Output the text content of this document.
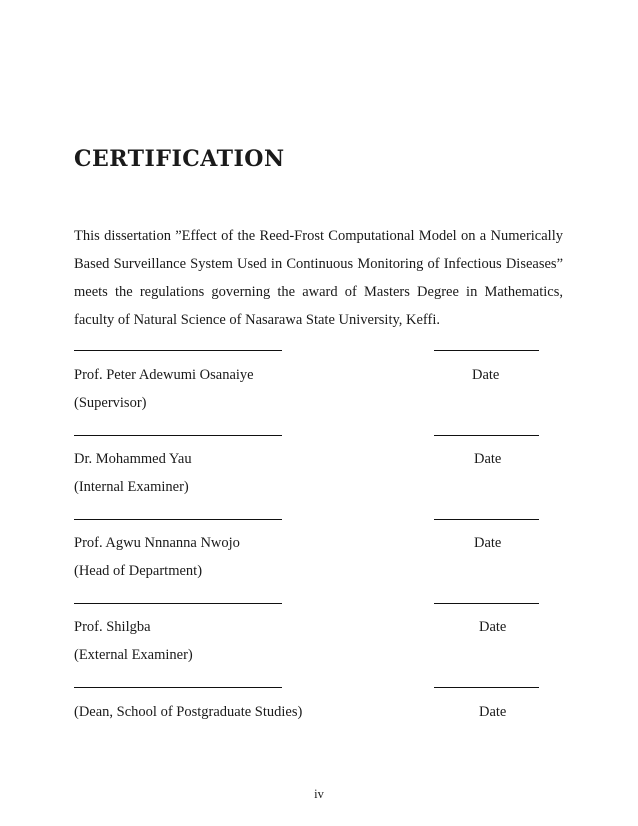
CERTIFICATION

This dissertation ”Effect of the Reed-Frost Computational Model on a Numerically Based Surveillance System Used in Continuous Monitoring of Infectious Diseases” meets the regulations governing the award of Masters Degree in Mathematics, faculty of Natural Science of Nasarawa State University, Keffi.

Prof. Peter Adewumi Osanaiye	Date
(Supervisor)
Dr. Mohammed Yau	Date
(Internal Examiner)
Prof. Agwu Nnnanna Nwojo	Date
(Head of Department)
Prof. Shilgba	Date
(External Examiner)
(Dean, School of Postgraduate Studies)	Date
iv
